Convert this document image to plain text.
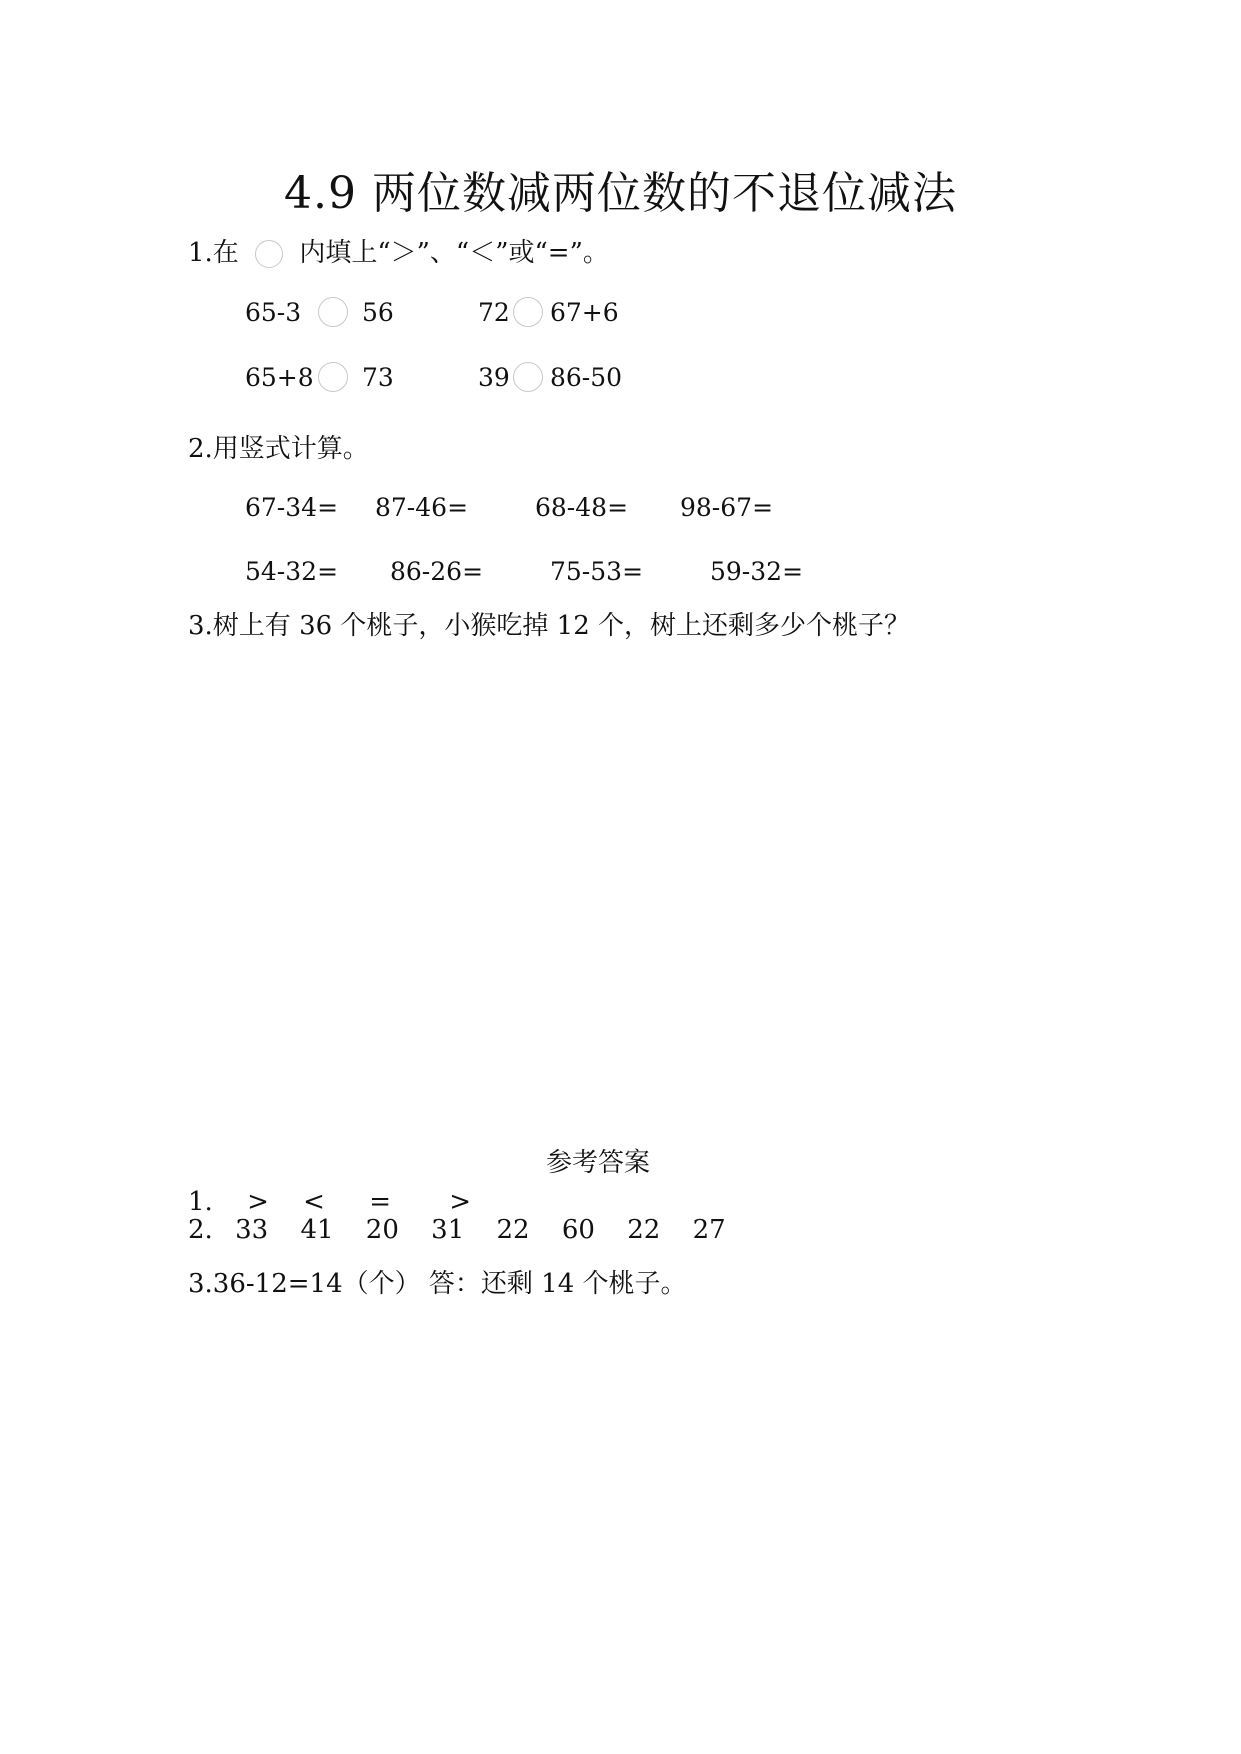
4.9 两位数减两位数的不退位减法
1.在 内填上“＞”、“＜”或“=”。
65-3 56	72 67+6
65+8 73	39 86-50
2.用竖式计算。
67-34= 87-46=	68-48= 98-67=
54-32= 86-26=	75-53=	59-32=
3.树上有 36 个桃子，小猴吃掉 12 个，树上还剩多少个桃子？
参考答案
1. > < = >
2. 33 41 20 31 22 60 22 27
3.36-12=14（个） 答：还剩 14 个桃子。
